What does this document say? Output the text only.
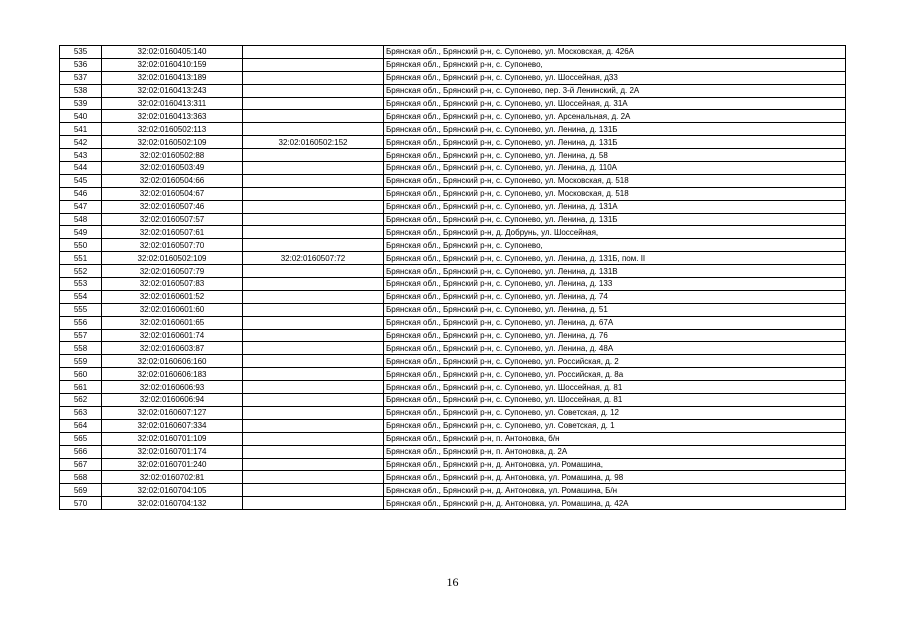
535	32:02:0160405:140		Брянская обл., Брянский р-н, с. Супонево, ул. Московская, д. 426А
536	32:02:0160410:159		Брянская обл., Брянский р-н, с. Супонево,
537	32:02:0160413:189		Брянская обл., Брянский р-н, с. Супонево, ул. Шоссейная, д33
538	32:02:0160413:243		Брянская обл., Брянский р-н, с. Супонево, пер. 3-й Ленинский, д. 2А
539	32:02:0160413:311		Брянская обл., Брянский р-н, с. Супонево, ул. Шоссейная, д. 31А
540	32:02:0160413:363		Брянская обл., Брянский р-н, с. Супонево, ул. Арсенальная, д. 2А
541	32:02:0160502:113		Брянская обл., Брянский р-н, с. Супонево, ул. Ленина, д. 131Б
542	32:02:0160502:109	32:02:0160502:152	Брянская обл., Брянский р-н, с. Супонево, ул. Ленина, д. 131Б
543	32:02:0160502:88		Брянская обл., Брянский р-н, с. Супонево, ул. Ленина, д. 58
544	32:02:0160503:49		Брянская обл., Брянский р-н, с. Супонево, ул. Ленина, д. 110А
545	32:02:0160504:66		Брянская обл., Брянский р-н, с. Супонево, ул. Московская, д. 518
546	32:02:0160504:67		Брянская обл., Брянский р-н, с. Супонево, ул. Московская, д. 518
547	32:02:0160507:46		Брянская обл., Брянский р-н, с. Супонево, ул. Ленина, д. 131А
548	32:02:0160507:57		Брянская обл., Брянский р-н, с. Супонево, ул. Ленина, д. 131Б
549	32:02:0160507:61		Брянская обл., Брянский р-н, д. Добрунь, ул. Шоссейная,
550	32:02:0160507:70		Брянская обл., Брянский р-н, с. Супонево,
551	32:02:0160502:109	32:02:0160507:72	Брянская обл., Брянский р-н, с. Супонево, ул. Ленина, д. 131Б, пом. II
552	32:02:0160507:79		Брянская обл., Брянский р-н, с. Супонево, ул. Ленина, д. 131В
553	32:02:0160507:83		Брянская обл., Брянский р-н, с. Супонево, ул. Ленина, д. 133
554	32:02:0160601:52		Брянская обл., Брянский р-н, с. Супонево, ул. Ленина, д. 74
555	32:02:0160601:60		Брянская обл., Брянский р-н, с. Супонево, ул. Ленина, д. 51
556	32:02:0160601:65		Брянская обл., Брянский р-н, с. Супонево, ул. Ленина, д. 67А
557	32:02:0160601:74		Брянская обл., Брянский р-н, с. Супонево, ул. Ленина, д. 76
558	32:02:0160603:87		Брянская обл., Брянский р-н, с. Супонево, ул. Ленина, д. 48А
559	32:02:0160606:160		Брянская обл., Брянский р-н, с. Супонево, ул. Российская, д. 2
560	32:02:0160606:183		Брянская обл., Брянский р-н, с. Супонево, ул. Российская, д. 8а
561	32:02:0160606:93		Брянская обл., Брянский р-н, с. Супонево, ул. Шоссейная, д. 81
562	32:02:0160606:94		Брянская обл., Брянский р-н, с. Супонево, ул. Шоссейная, д. 81
563	32:02:0160607:127		Брянская обл., Брянский р-н, с. Супонево, ул. Советская, д. 12
564	32:02:0160607:334		Брянская обл., Брянский р-н, с. Супонево, ул. Советская, д. 1
565	32:02:0160701:109		Брянская обл., Брянский р-н, п. Антоновка, б/н
566	32:02:0160701:174		Брянская обл., Брянский р-н, п. Антоновка, д. 2А
567	32:02:0160701:240		Брянская обл., Брянский р-н, д. Антоновка, ул. Ромашина,
568	32:02:0160702:81		Брянская обл., Брянский р-н, д. Антоновка, ул. Ромашина, д. 98
569	32:02:0160704:105		Брянская обл., Брянский р-н, д. Антоновка, ул. Ромашина, Б/н
570	32:02:0160704:132		Брянская обл., Брянский р-н, д. Антоновка, ул. Ромашина, д. 42А
16
